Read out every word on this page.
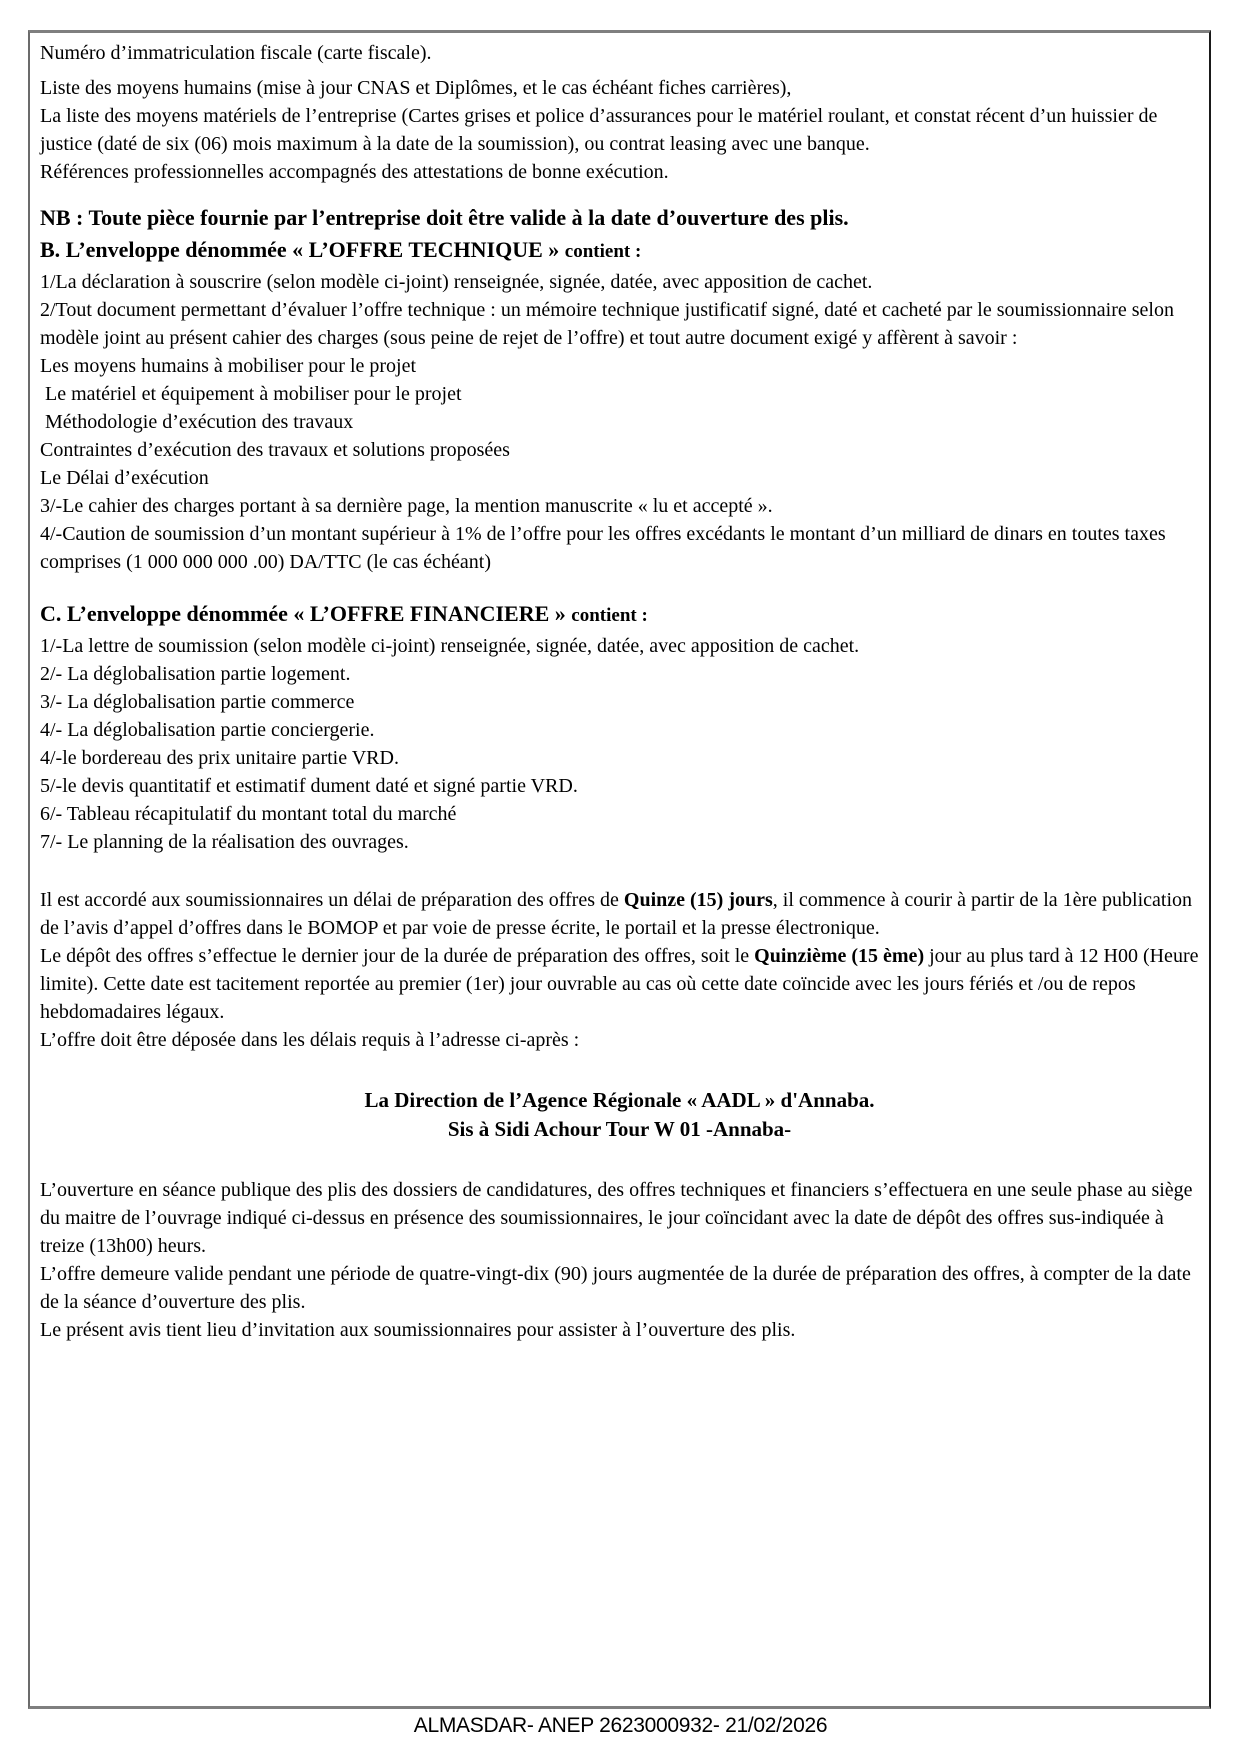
Numéro d’immatriculation fiscale (carte fiscale).

Liste des moyens humains (mise à jour CNAS et Diplômes, et le cas échéant fiches carrières),

La liste des moyens matériels de l’entreprise (Cartes grises et police d’assurances pour le matériel roulant, et constat récent d’un huissier de justice (daté de six (06) mois maximum à la date de la soumission), ou contrat leasing avec une banque.

Références professionnelles accompagnés des attestations de bonne exécution.

NB : Toute pièce fournie par l’entreprise doit être valide à la date d’ouverture des plis.

B. L’enveloppe dénommée « L’OFFRE TECHNIQUE » contient :

1/La déclaration à souscrire (selon modèle ci-joint) renseignée, signée, datée, avec apposition de cachet.

2/Tout document permettant d’évaluer l’offre technique : un mémoire technique justificatif signé, daté et cacheté par le soumissionnaire selon modèle joint au présent cahier des charges (sous peine de rejet de l’offre) et tout autre document exigé y affèrent à savoir :

Les moyens humains à mobiliser pour le projet

Le matériel et équipement à mobiliser pour le projet

Méthodologie d’exécution des travaux

Contraintes d’exécution des travaux et solutions proposées

Le Délai d’exécution

3/-Le cahier des charges portant à sa dernière page, la mention manuscrite « lu et accepté ».

4/-Caution de soumission d’un montant supérieur à 1% de l’offre pour les offres excédants le montant d’un milliard de dinars en toutes taxes comprises (1 000 000 000 .00) DA/TTC (le cas échéant)

C. L’enveloppe dénommée « L’OFFRE FINANCIERE » contient :

1/-La lettre de soumission (selon modèle ci-joint) renseignée, signée, datée, avec apposition de cachet.

2/- La déglobalisation partie logement.

3/- La déglobalisation partie commerce

4/- La déglobalisation partie conciergerie.

4/-le bordereau des prix unitaire partie VRD.

5/-le devis quantitatif et estimatif dument daté et signé partie VRD.

6/- Tableau récapitulatif du montant total du marché

7/- Le planning de la réalisation des ouvrages.

Il est accordé aux soumissionnaires un délai de préparation des offres de Quinze (15) jours, il commence à courir à partir de la 1ère publication de l’avis d’appel d’offres dans le BOMOP et par voie de presse écrite, le portail et la presse électronique.

Le dépôt des offres s’effectue le dernier jour de la durée de préparation des offres, soit le Quinzième (15 ème) jour au plus tard à 12 H00 (Heure limite). Cette date est tacitement reportée au premier (1er) jour ouvrable au cas où cette date coïncide avec les jours fériés et /ou de repos hebdomadaires légaux.

L’offre doit être déposée dans les délais requis à l’adresse ci-après :

La Direction de l’Agence Régionale « AADL » d'Annaba.

Sis à Sidi Achour Tour W 01 -Annaba-

L’ouverture en séance publique des plis des dossiers de candidatures, des offres techniques et financiers s’effectuera en une seule phase au siège du maitre de l’ouvrage indiqué ci-dessus en présence des soumissionnaires, le jour coïncidant avec la date de dépôt des offres sus-indiquée à treize (13h00) heurs.

L’offre demeure valide pendant une période de quatre-vingt-dix (90) jours augmentée de la durée de préparation des offres, à compter de la date de la séance d’ouverture des plis.

Le présent avis tient lieu d’invitation aux soumissionnaires pour assister à l’ouverture des plis.

ALMASDAR- ANEP 2623000932- 21/02/2026
